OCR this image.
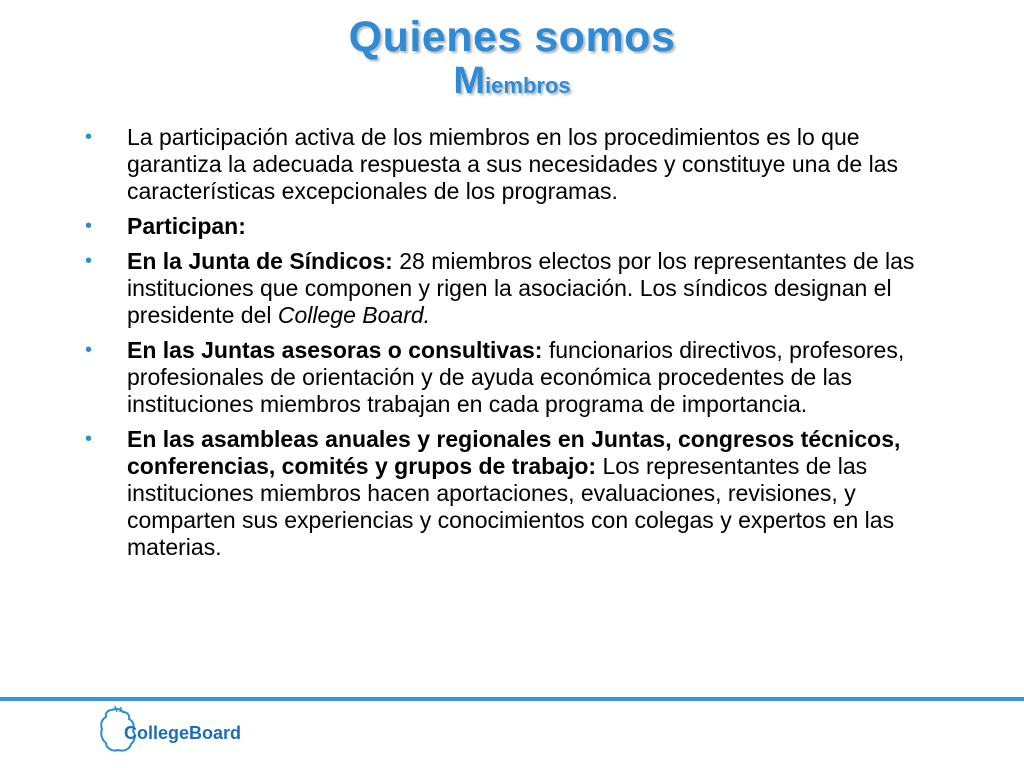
Quienes somos
Miembros
• La participación activa de los miembros en los procedimientos es lo que garantiza la adecuada respuesta a sus necesidades y constituye una de las características excepcionales de los programas.
• Participan:
• En la Junta de Síndicos: 28 miembros electos por los representantes de las instituciones que componen y rigen la asociación. Los síndicos designan el presidente del College Board.
• En las Juntas asesoras o consultivas: funcionarios directivos, profesores, profesionales de orientación y de ayuda económica procedentes de las instituciones miembros trabajan en cada programa de importancia.
• En las asambleas anuales y regionales en Juntas, congresos técnicos, conferencias, comités y grupos de trabajo: Los representantes de las instituciones miembros hacen aportaciones, evaluaciones, revisiones, y comparten sus experiencias y conocimientos con colegas y expertos en las materias.
CollegeBoard
